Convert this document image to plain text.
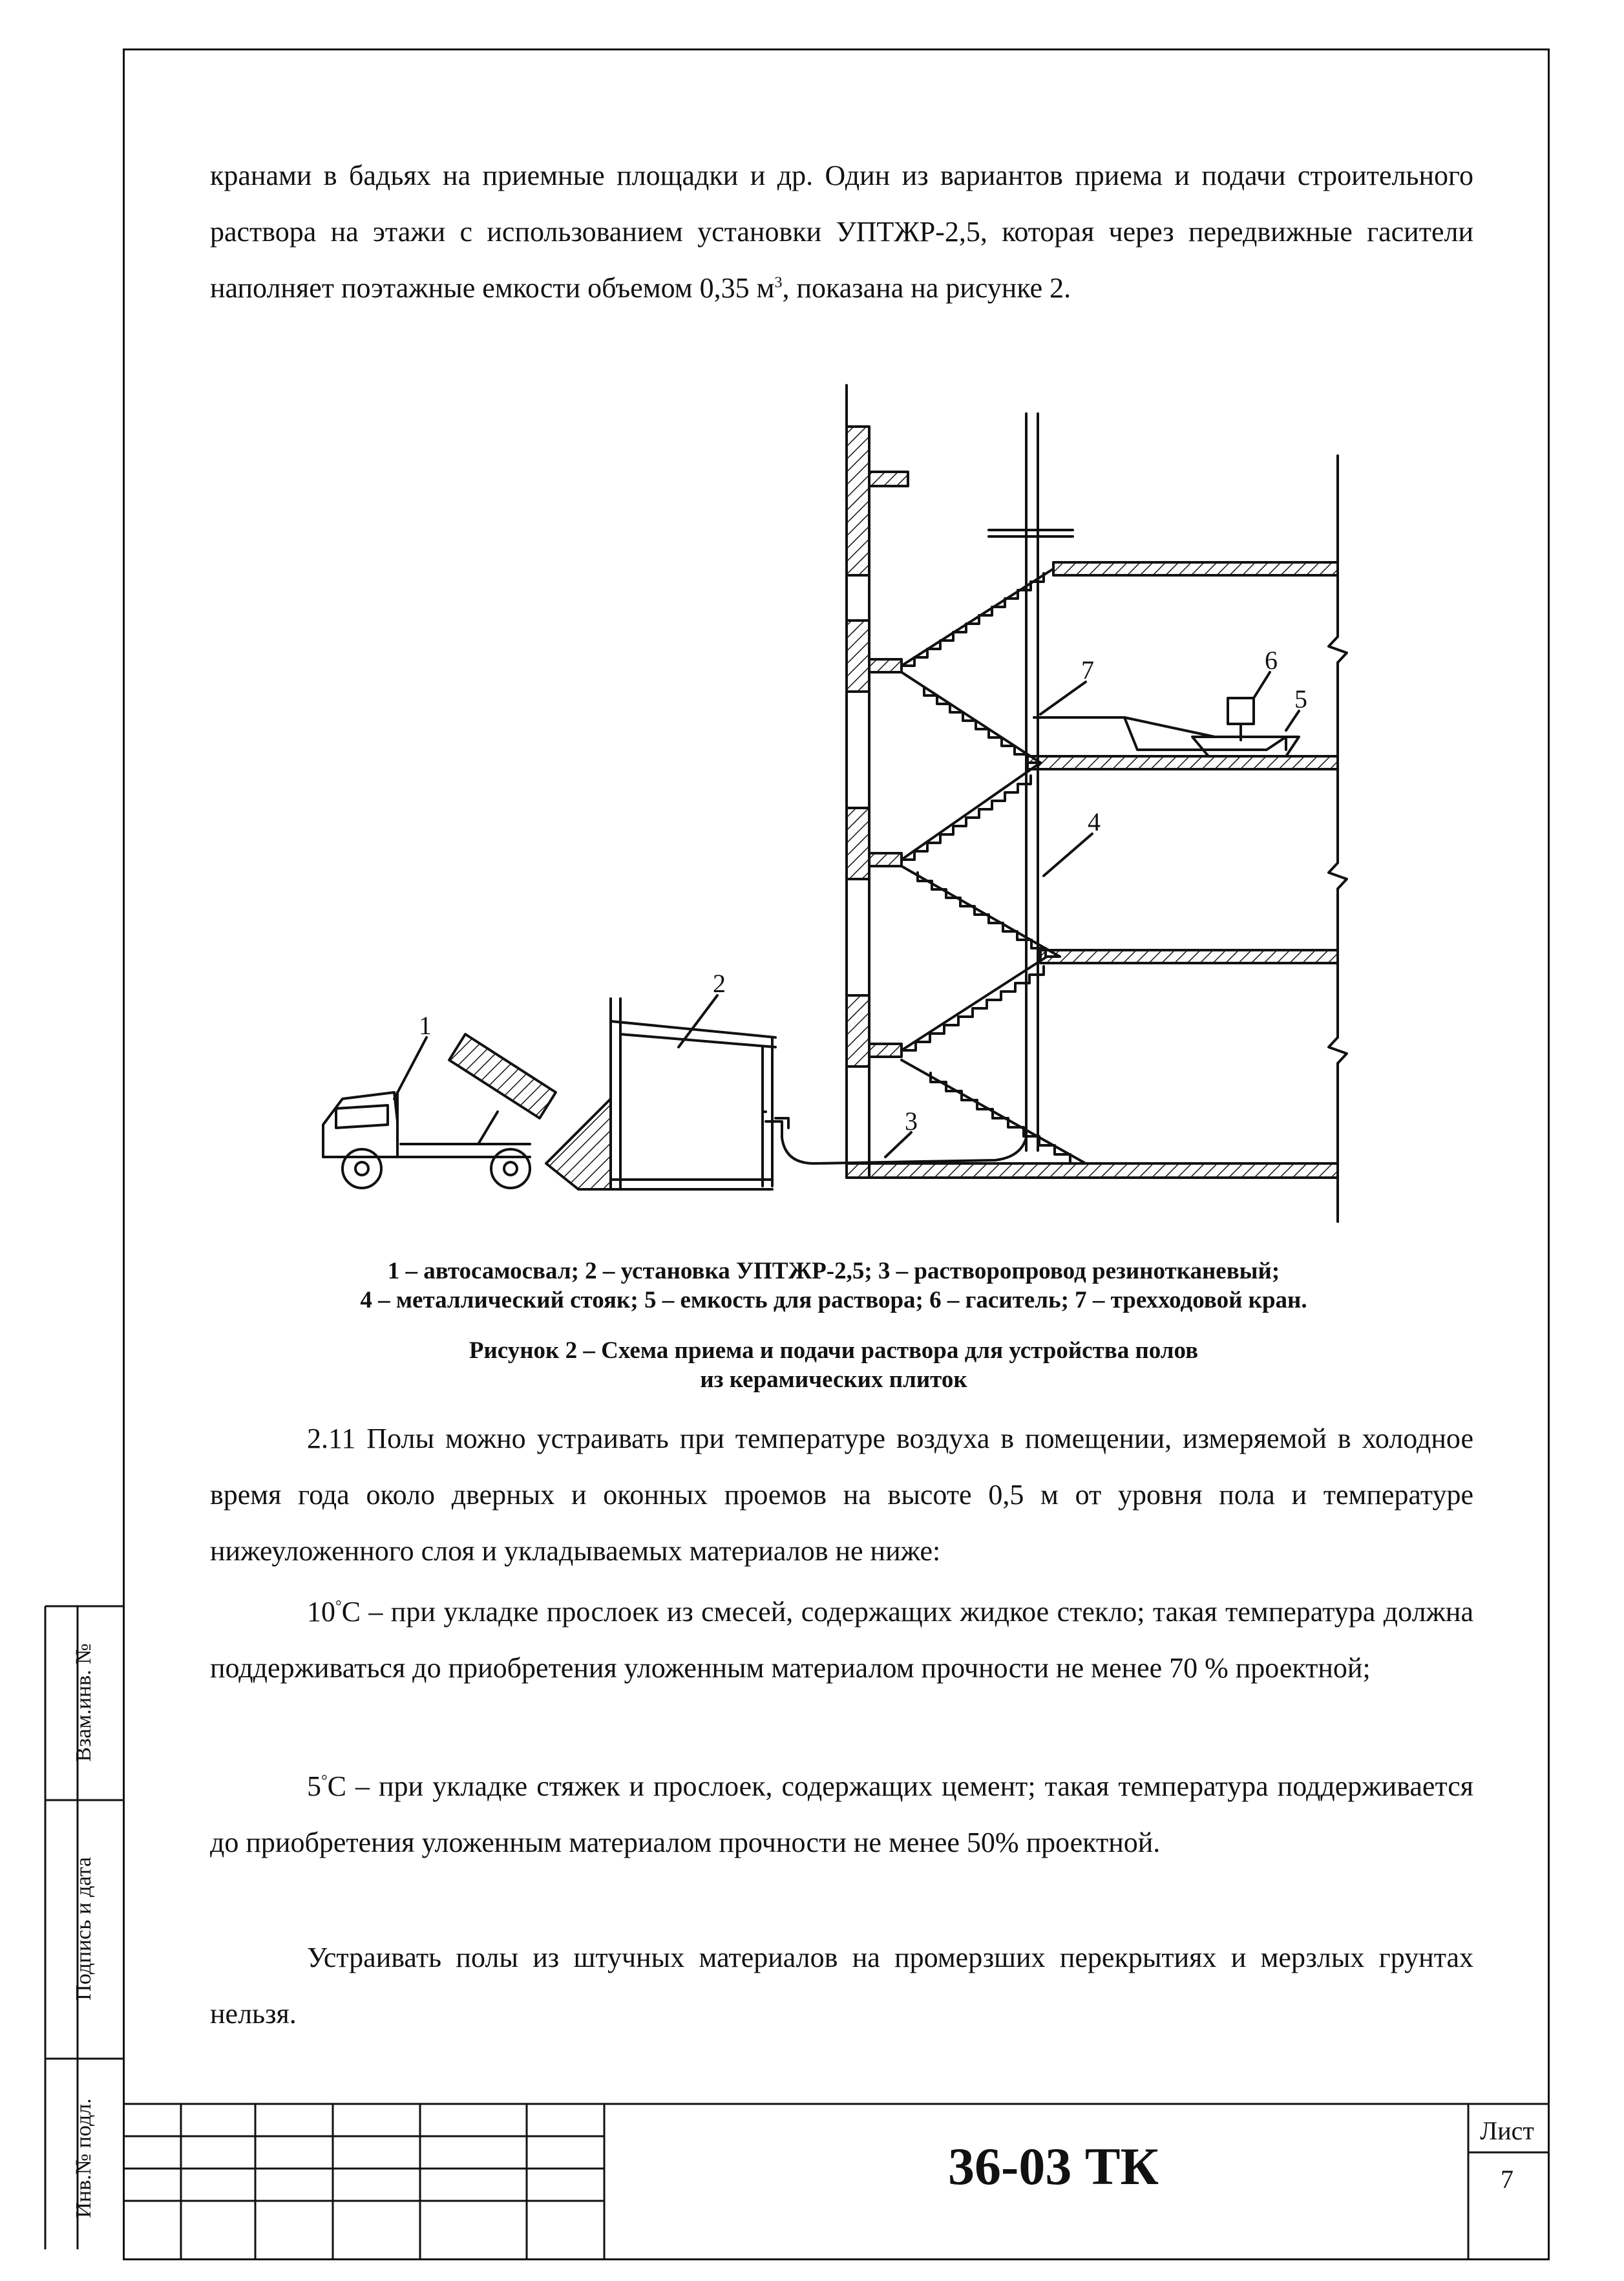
кранами в бадьях на приемные площадки и др. Один из вариантов приема и подачи строительного раствора на этажи с использованием установки УПТЖР-2,5, которая через передвижные гасители наполняет поэтажные емкости объемом 0,35 $м^3$, показана на рисунке 2.

1
2
3
4
5
6
7

1 – автосамосвал; 2 – установка УПТЖР-2,5; 3 – растворопровод резинотканевый;

4 – металлический стояк; 5 – емкость для раствора; 6 – гаситель; 7 – трехходовой кран.

Рисунок 2 – Схема приема и подачи раствора для устройства полов

из керамических плиток

2.11 Полы можно устраивать при температуре воздуха в помещении, измеряемой в холодное время года около дверных и оконных проемов на высоте 0,5 м от уровня пола и температуре нижеуложенного слоя и укладываемых материалов не ниже:

10°С – при укладке прослоек из смесей, содержащих жидкое стекло; такая температура должна поддерживаться до приобретения уложенным материалом прочности не менее 70 % проектной;

5°С – при укладке стяжек и прослоек, содержащих цемент; такая температура поддерживается до приобретения уложенным материалом прочности не менее 50% проектной.

Устраивать полы из штучных материалов на промерзших перекрытиях и мерзлых грунтах нельзя.

Взам.инв. №
Подпись и дата
Инв.№ подл.	36-03 ТК
Лист
7
